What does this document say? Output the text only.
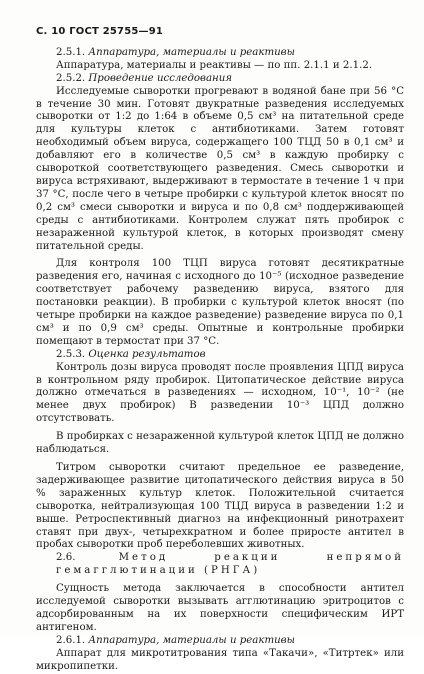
С. 10 ГОСТ 25755—91

2.5.1. Аппаратура, материалы и реактивы

Аппаратура, материалы и реактивы — по пп. 2.1.1 и 2.1.2.

2.5.2. Проведение исследования

Исследуемые сыворотки прогревают в водяной бане при 56 °С в течение 30 мин. Готовят двукратные разведения исследуемых сыворотки от 1:2 до 1:64 в объеме 0,5 см³ на питательной среде для культуры клеток с антибиотиками. Затем готовят необходимый объем вируса, содержащего 100 ТЦД 50 в 0,1 см³ и добавляют его в количестве 0,5 см³ в каждую пробирку с сывороткой соответствующего разведения. Смесь сыворотки и вируса встряхивают, выдерживают в термостате в течение 1 ч при 37 °С, после чего в четыре пробирки с культурой клеток вносят по 0,2 см³ смеси сыворотки и вируса и по 0,8 см³ поддерживающей среды с антибиотиками. Контролем служат пять пробирок с незараженной культурой клеток, в которых производят смену питательной среды.

Для контроля 100 ТЦП вируса готовят десятикратные разведения его, начиная с исходного до 10⁻⁵ (исходное разведение соответствует рабочему разведению вируса, взятого для постановки реакции). В пробирки с культурой клеток вносят (по четыре пробирки на каждое разведение) разведение вируса по 0,1 см³ и по 0,9 см³ среды. Опытные и контрольные пробирки помещают в термостат при 37 °С.

2.5.3. Оценка результатов

Контроль дозы вируса проводят после проявления ЦПД вируса в контрольном ряду пробирок. Цитопатическое действие вируса должно отмечаться в разведениях — исходном, 10⁻¹, 10⁻² (не менее двух пробирок) В разведении 10⁻³ ЦПД должно отсутствовать.

В пробирках с незараженной культурой клеток ЦПД не должно наблюдаться.

Титром сыворотки считают предельное ее разведение, задерживающее развитие цитопатического действия вируса в 50 % зараженных культур клеток. Положительной считается сыворотка, нейтрализующая 100 ТЦД вируса в разведении 1:2 и выше. Ретроспективный диагноз на инфекционный ринотрахеит ставят при двух-, четырехкратном и более приросте антител в пробах сыворотки проб переболевших животных.

2.6.	Метод реакции непрямой гемагглютинации (РНГА)

Сущность метода заключается в способности антител исследуемой сыворотки вызывать агглютинацию эритроцитов с адсорбированным на их поверхности специфическим ИРТ антигеном.

2.6.1. Аппаратура, материалы и реактивы

Аппарат для микротитрования типа «Такачи», «Титртек» или микропипетки.
